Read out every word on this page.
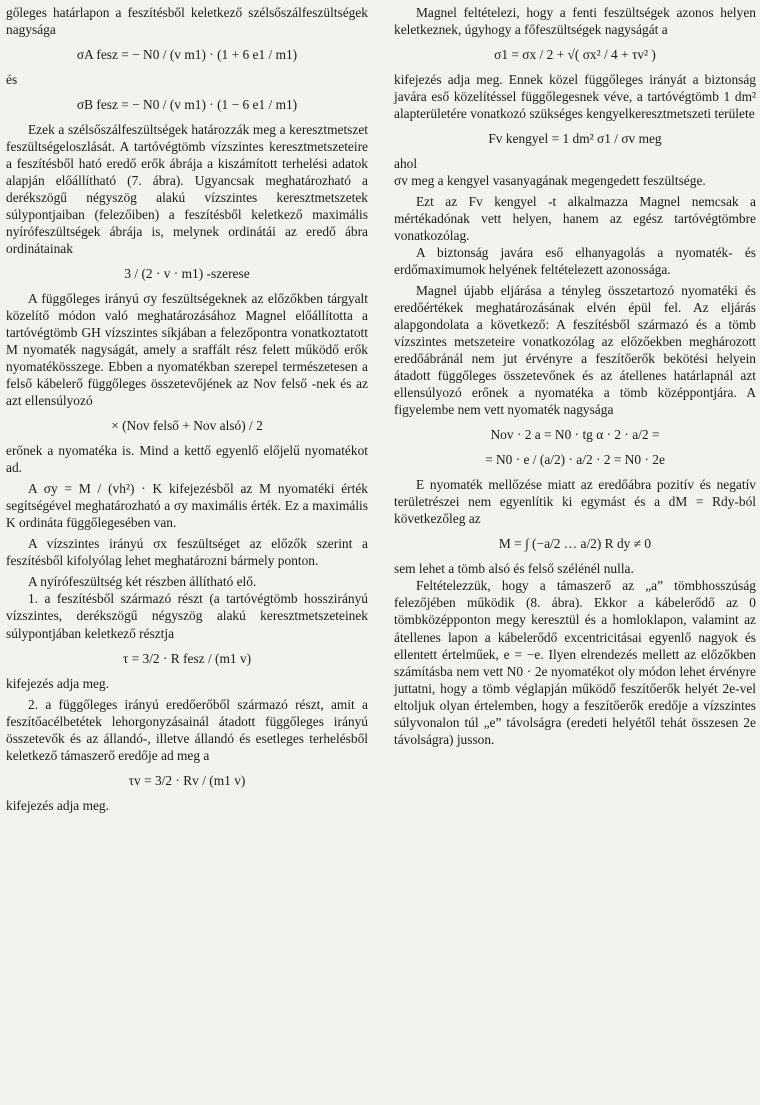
gőleges határlapon a feszítésből keletkező szélsőszálfeszültségek nagysága

σA fesz = − N0 / (v m1) · (1 + 6 e1 / m1)

és

σB fesz = − N0 / (v m1) · (1 − 6 e1 / m1)

Ezek a szélsőszálfeszültségek határozzák meg a keresztmetszet feszültségeloszlását. A tartóvégtömb vízszintes keresztmetszeteire a feszítésből ható eredő erők ábrája a kiszámított terhelési adatok alapján előállítható (7. ábra). Ugyancsak meghatározható a derékszögű négyszög alakú vízszintes keresztmetszetek súlypontjaiban (felezőiben) a feszítésből keletkező maximális nyírófeszültségek ábrája is, melynek ordinátái az eredő ábra ordinátainak

3 / (2 · v · m1) -szerese

A függőleges irányú σy feszültségeknek az előzőkben tárgyalt közelítő módon való meghatározásához Magnel előállította a tartóvégtömb GH vízszintes síkjában a felezőpontra vonatkoztatott M nyomaték nagyságát, amely a sraffált rész felett működő erők nyomatékösszege. Ebben a nyomatékban szerepel természetesen a felső kábelerő függőleges összetevőjének az Nov felső -nek és az azt ellensúlyozó

× (Nov felső + Nov alsó) / 2

erőnek a nyomatéka is. Mind a kettő egyenlő előjelű nyomatékot ad.

A σy = M / (vh²) · K kifejezésből az M nyomatéki érték segítségével meghatározható a σy maximális érték. Ez a maximális K ordináta függőlegesében van.

A vízszintes irányú σx feszültséget az előzők szerint a feszítésből kifolyólag lehet meghatározni bármely ponton.

A nyírófeszültség két részben állítható elő.

1. a feszítésből származó részt (a tartóvégtömb hosszirányú vízszintes, derékszögű négyszög alakú keresztmetszeteinek súlypontjában keletkező résztja

τ = 3/2 · R fesz / (m1 v)

kifejezés adja meg.

2. a függőleges irányú eredőerőből származó részt, amit a feszítőacélbetétek lehorgonyzásainál átadott függőleges irányú összetevők és az állandó-, illetve állandó és esetleges terhelésből keletkező támaszerő eredője ad meg a

τv = 3/2 · Rv / (m1 v)

kifejezés adja meg.

Magnel feltételezi, hogy a fenti feszültségek azonos helyen keletkeznek, úgyhogy a főfeszültségek nagyságát a

σ1 = σx / 2 + √( σx² / 4 + τv² )

kifejezés adja meg. Ennek közel függőleges irányát a biztonság javára eső közelítéssel függőlegesnek véve, a tartóvégtömb 1 dm² alapterületére vonatkozó szükséges kengyelkeresztmetszeti területe

Fv kengyel = 1 dm² σ1 / σv meg

ahol

σv meg a kengyel vasanyagának megengedett feszültsége.

Ezt az Fv kengyel -t alkalmazza Magnel nemcsak a mértékadónak vett helyen, hanem az egész tartóvégtömbre vonatkozólag.

A biztonság javára eső elhanyagolás a nyomaték- és erdőmaximumok helyének feltételezett azonossága.

Magnel újabb eljárása a tényleg összetartozó nyomatéki és eredőértékek meghatározásának elvén épül fel. Az eljárás alapgondolata a következő: A feszítésből származó és a tömb vízszintes metszeteire vonatkozólag az előzőekben meghározott eredőábránál nem jut érvényre a feszítőerők bekötési helyein átadott függőleges összetevőnek és az átellenes határlapnál azt ellensúlyozó erőnek a nyomatéka a tömb középpontjára. A figyelembe nem vett nyomaték nagysága

Nov · 2 a = N0 · tg α · 2 · a/2 =
= N0 · e / (a/2) · a/2 · 2 = N0 · 2e

E nyomaték mellőzése miatt az eredőábra pozitív és negatív területrészei nem egyenlítik ki egymást és a dM = Rdy-ból következőleg az

M = ∫ (−a/2 … a/2) R dy ≠ 0

sem lehet a tömb alsó és felső szélénél nulla.

Feltételezzük, hogy a támaszerő az „a” tömbhosszúság felezőjében működik (8. ábra). Ekkor a kábelerődő az 0 tömbközépponton megy keresztül és a homloklapon, valamint az átellenes lapon a kábelerődő excentricitásai egyenlő nagyok és ellentett értelműek, e = −e. Ilyen elrendezés mellett az előzőkben számításba nem vett N0 · 2e nyomatékot oly módon lehet érvényre juttatni, hogy a tömb véglapján működő feszítőerők helyét 2e-vel eltoljuk olyan értelemben, hogy a feszítőerők eredője a vízszintes súlyvonalon túl „e” távolságra (eredeti helyétől tehát összesen 2e távolságra) jusson.
